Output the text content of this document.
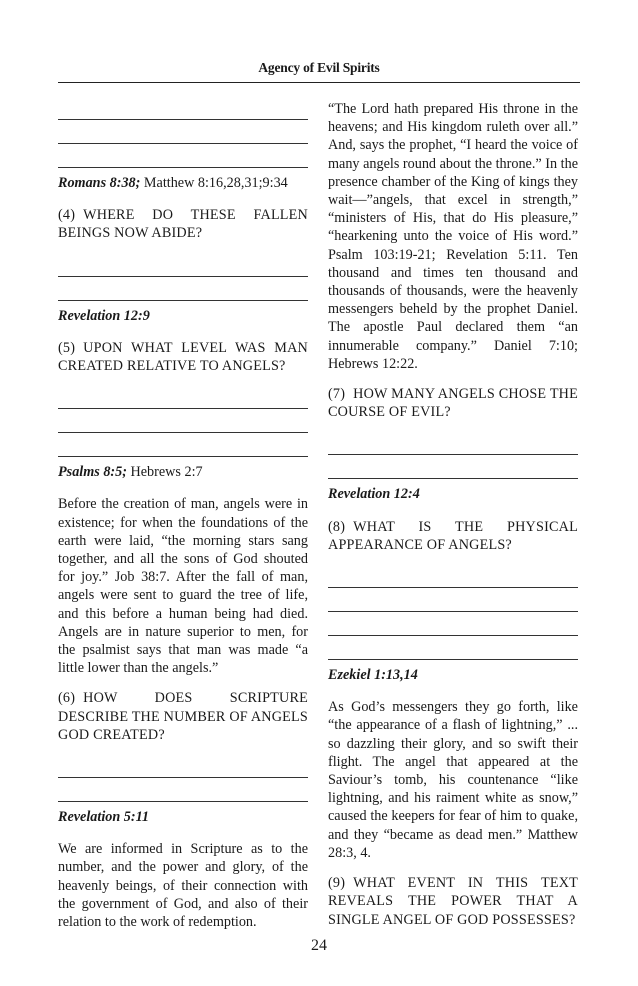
Agency of Evil Spirits
Romans 8:38; Matthew 8:16,28,31;9:34
(4) WHERE DO THESE FALLEN BEINGS NOW ABIDE?
Revelation 12:9
(5) UPON WHAT LEVEL WAS MAN CREATED RELATIVE TO ANGELS?
Psalms 8:5; Hebrews 2:7

Before the creation of man, angels were in existence; for when the foundations of the earth were laid, “the morning stars sang together, and all the sons of God shouted for joy.” Job 38:7. After the fall of man, angels were sent to guard the tree of life, and this before a human being had died. Angels are in nature superior to men, for the psalmist says that man was made “a little lower than the angels.”

(6) HOW DOES SCRIPTURE DESCRIBE THE NUMBER OF ANGELS GOD CREATED?
Revelation 5:11

We are informed in Scripture as to the number, and the power and glory, of the heavenly beings, of their connection with the government of God, and also of their relation to the work of redemption.

“The Lord hath prepared His throne in the heavens; and His kingdom ruleth over all.” And, says the prophet, “I heard the voice of many angels round about the throne.” In the presence chamber of the King of kings they wait—”angels, that excel in strength,” “ministers of His, that do His pleasure,” “hearkening unto the voice of His word.” Psalm 103:19-21; Revelation 5:11. Ten thousand and times ten thousand and thousands of thousands, were the heavenly messengers beheld by the prophet Daniel. The apostle Paul declared them “an innumerable company.” Daniel 7:10; Hebrews 12:22.

(7) HOW MANY ANGELS CHOSE THE COURSE OF EVIL?
Revelation 12:4
(8) WHAT IS THE PHYSICAL APPEARANCE OF ANGELS?
Ezekiel 1:13,14

As God’s messengers they go forth, like “the appearance of a flash of lightning,” ... so dazzling their glory, and so swift their flight. The angel that appeared at the Saviour’s tomb, his countenance “like lightning, and his raiment white as snow,” caused the keepers for fear of him to quake, and they “became as dead men.” Matthew 28:3, 4.

(9) WHAT EVENT IN THIS TEXT REVEALS THE POWER THAT A SINGLE ANGEL OF GOD POSSESSES?
24
